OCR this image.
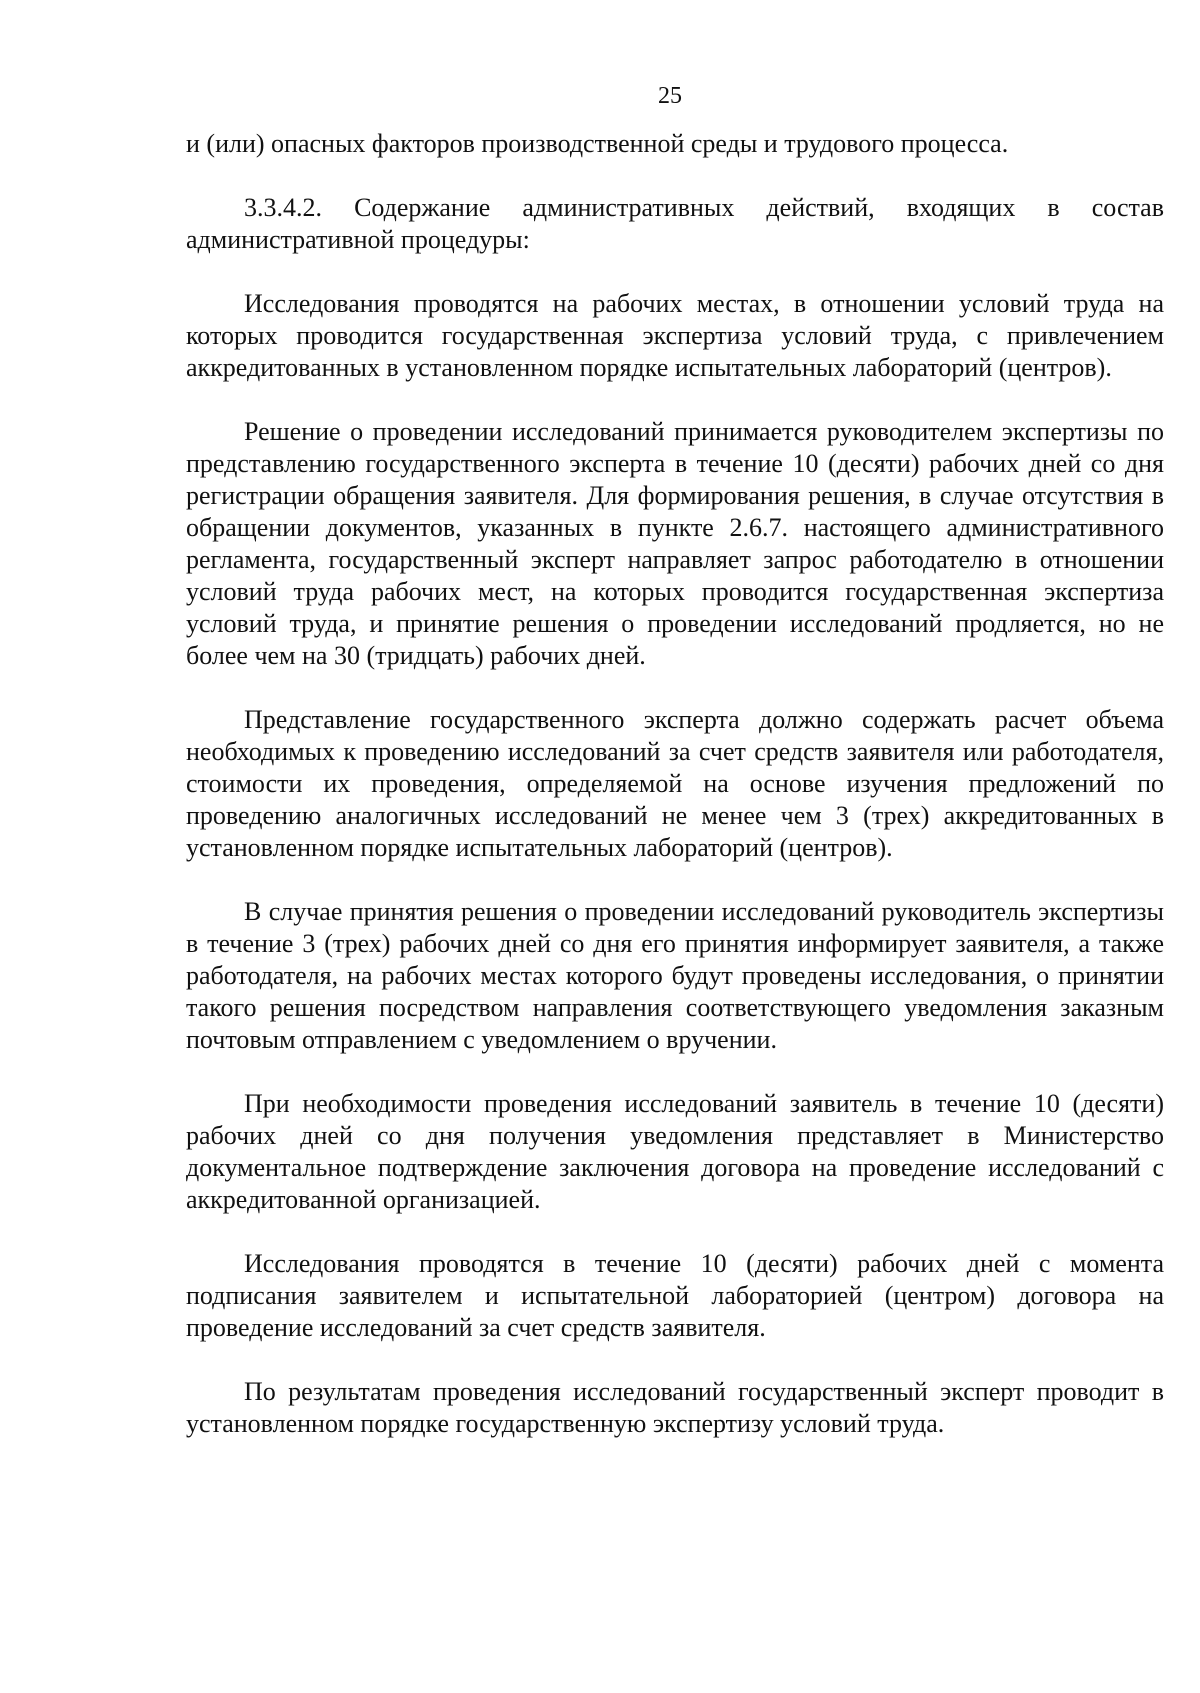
25

и (или) опасных факторов производственной среды и трудового процесса.

3.3.4.2. Содержание административных действий, входящих в состав административной процедуры:

Исследования проводятся на рабочих местах, в отношении условий труда на которых проводится государственная экспертиза условий труда, с привлечением аккредитованных в установленном порядке испытательных лабораторий (центров).

Решение о проведении исследований принимается руководителем экспертизы по представлению государственного эксперта в течение 10 (десяти) рабочих дней со дня регистрации обращения заявителя. Для формирования решения, в случае отсутствия в обращении документов, указанных в пункте 2.6.7. настоящего административного регламента, государственный эксперт направляет запрос работодателю в отношении условий труда рабочих мест, на которых проводится государственная экспертиза условий труда, и принятие решения о проведении исследований продляется, но не более чем на 30 (тридцать) рабочих дней.

Представление государственного эксперта должно содержать расчет объема необходимых к проведению исследований за счет средств заявителя или работодателя, стоимости их проведения, определяемой на основе изучения предложений по проведению аналогичных исследований не менее чем 3 (трех) аккредитованных в установленном порядке испытательных лабораторий (центров).

В случае принятия решения о проведении исследований руководитель экспертизы в течение 3 (трех) рабочих дней со дня его принятия информирует заявителя, а также работодателя, на рабочих местах которого будут проведены исследования, о принятии такого решения посредством направления соответствующего уведомления заказным почтовым отправлением с уведомлением о вручении.

При необходимости проведения исследований заявитель в течение 10 (десяти) рабочих дней со дня получения уведомления представляет в Министерство документальное подтверждение заключения договора на проведение исследований с аккредитованной организацией.

Исследования проводятся в течение 10 (десяти) рабочих дней с момента подписания заявителем и испытательной лабораторией (центром) договора на проведение исследований за счет средств заявителя.

По результатам проведения исследований государственный эксперт проводит в установленном порядке государственную экспертизу условий труда.
